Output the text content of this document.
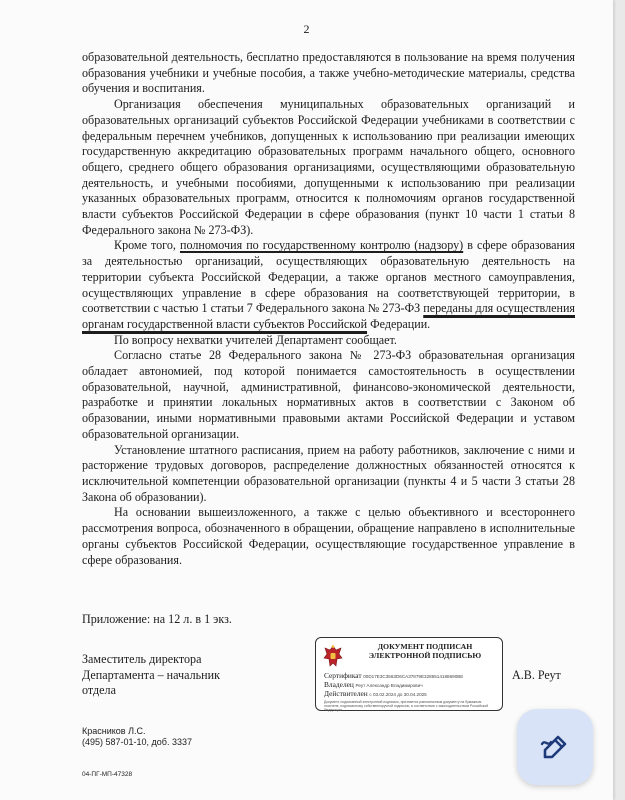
2

образовательной деятельность, бесплатно предоставляются в пользование на время получения образования учебники и учебные пособия, а также учебно-методические материалы, средства обучения и воспитания.

Организация обеспечения муниципальных образовательных организаций и образовательных организаций субъектов Российской Федерации учебниками в соответствии с федеральным перечнем учебников, допущенных к использованию при реализации имеющих государственную аккредитацию образовательных программ начального общего, основного общего, среднего общего образования организациями, осуществляющими образовательную деятельность, и учебными пособиями, допущенными к использованию при реализации указанных образовательных программ, относится к полномочиям органов государственной власти субъектов Российской Федерации в сфере образования (пункт 10 части 1 статьи 8 Федерального закона № 273-ФЗ).

Кроме того, полномочия по государственному контролю (надзору) в сфере образования за деятельностью организаций, осуществляющих образовательную деятельность на территории субъекта Российской Федерации, а также органов местного самоуправления, осуществляющих управление в сфере образования на соответствующей территории, в соответствии с частью 1 статьи 7 Федерального закона № 273-ФЗ переданы для осуществления органам государственной власти субъектов Российской Федерации.

По вопросу нехватки учителей Департамент сообщает.

Согласно статье 28 Федерального закона № 273-ФЗ образовательная организация обладает автономией, под которой понимается самостоятельность в осуществлении образовательной, научной, административной, финансово-экономической деятельности, разработке и принятии локальных нормативных актов в соответствии с Законом об образовании, иными нормативными правовыми актами Российской Федерации и уставом образовательной организации.

Установление штатного расписания, прием на работу работников, заключение с ними и расторжение трудовых договоров, распределение должностных обязанностей относятся к исключительной компетенции образовательной организации (пункты 4 и 5 части 3 статьи 28 Закона об образовании).

На основании вышеизложенного, а также с целью объективного и всестороннего рассмотрения вопроса, обозначенного в обращении, обращение направлено в исполнительные органы субъектов Российской Федерации, осуществляющие государственное управление в сфере образования.

Приложение: на 12 л. в 1 экз.
Заместитель директора
Департамента – начальник
отдела
ДОКУМЕНТ ПОДПИСАН
ЭЛЕКТРОННОЙ ПОДПИСЬЮ
Сертификат 00D17E3C3563D6CA37879E3285514188690BE
Владелец Реут Александр Владимирович
Действителен с 03.02.2024 до 30.04.2025
Документ, подписанный электронной подписью, признается равнозначным документу на бумажном носителе, подписанному собственноручной подписью, в соответствии с законодательством Российской Федерации
А.В. Реут
Красников Л.С.
(495) 587-01-10, доб. 3337
04-ПГ-МП-47328
